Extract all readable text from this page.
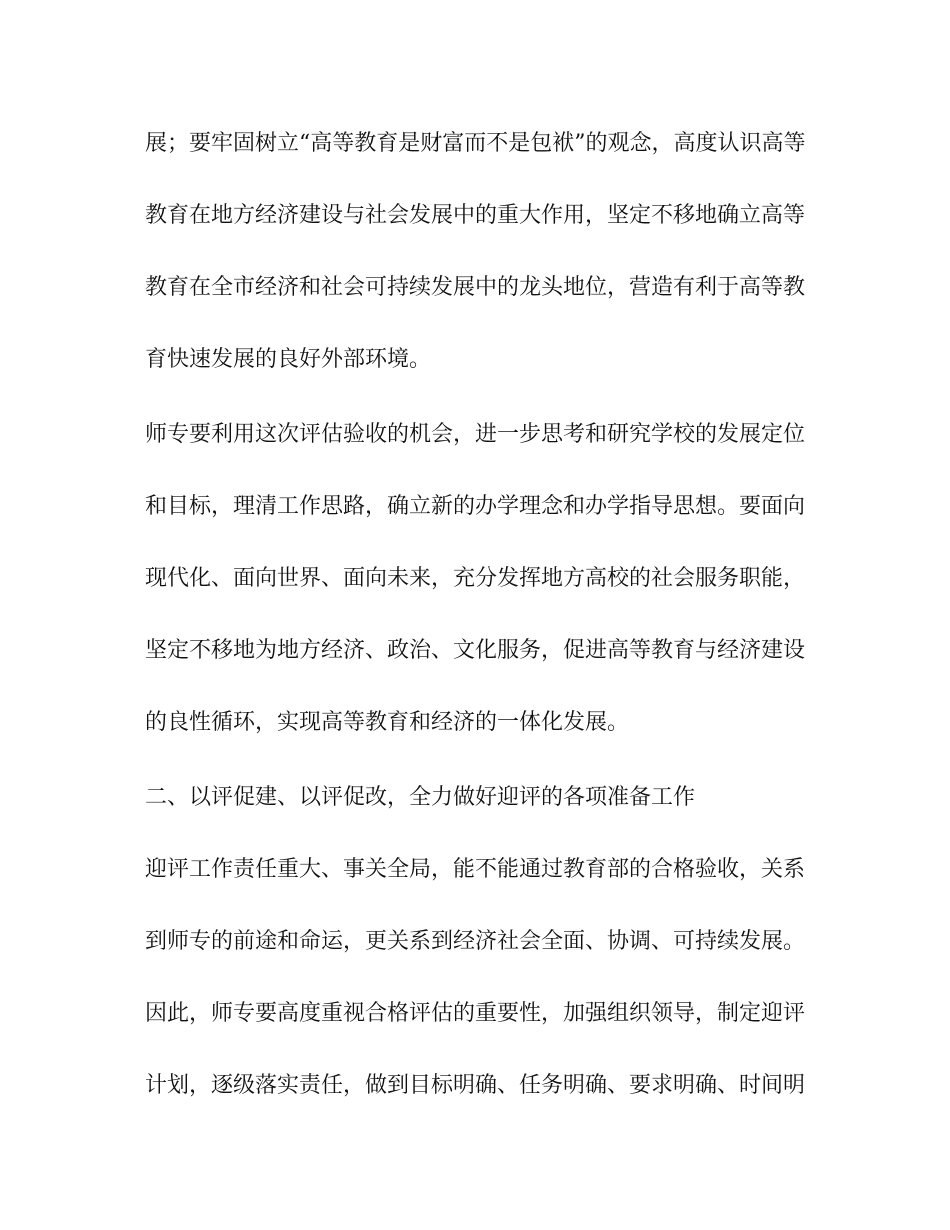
展；要牢固树立“高等教育是财富而不是包袱”的观念，高度认识高等

教育在地方经济建设与社会发展中的重大作用，坚定不移地确立高等

教育在全市经济和社会可持续发展中的龙头地位，营造有利于高等教

育快速发展的良好外部环境。

师专要利用这次评估验收的机会，进一步思考和研究学校的发展定位

和目标，理清工作思路，确立新的办学理念和办学指导思想。要面向

现代化、面向世界、面向未来，充分发挥地方高校的社会服务职能，

坚定不移地为地方经济、政治、文化服务，促进高等教育与经济建设

的良性循环，实现高等教育和经济的一体化发展。

二、以评促建、以评促改，全力做好迎评的各项准备工作

迎评工作责任重大、事关全局，能不能通过教育部的合格验收，关系

到师专的前途和命运，更关系到经济社会全面、协调、可持续发展。

因此，师专要高度重视合格评估的重要性，加强组织领导，制定迎评

计划，逐级落实责任，做到目标明确、任务明确、要求明确、时间明
